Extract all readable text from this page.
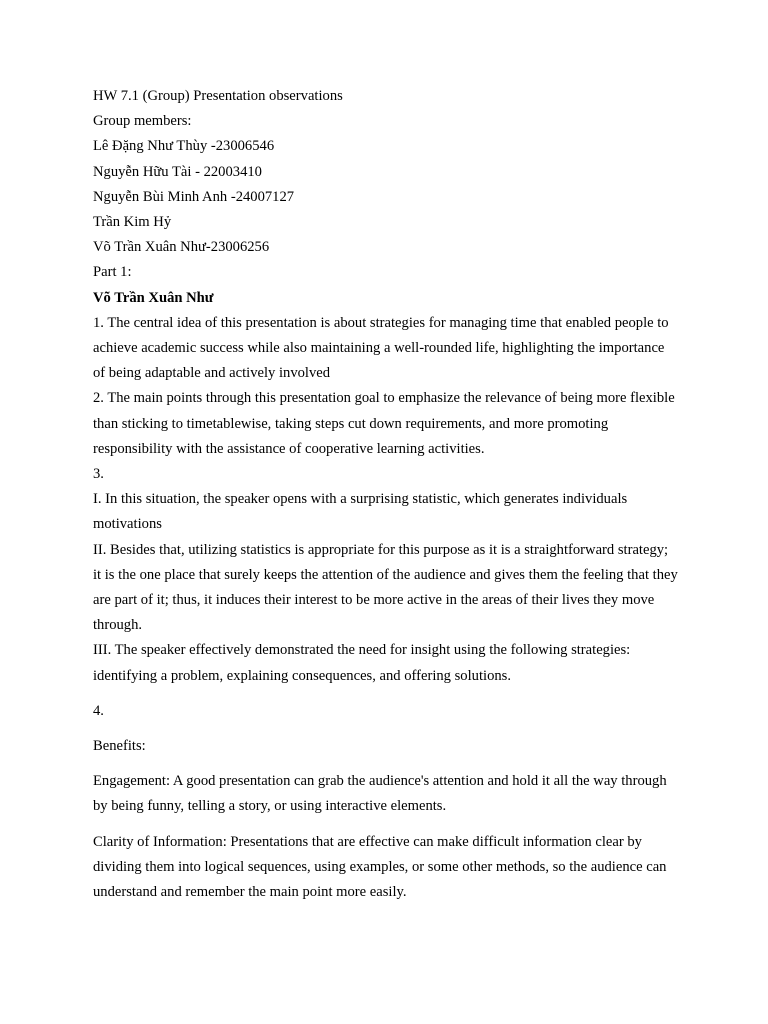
HW 7.1 (Group) Presentation observations

Group members:

Lê Đặng Như Thùy -23006546

Nguyễn Hữu Tài - 22003410

Nguyễn Bùi Minh Anh -24007127

Trần Kim Hỷ

Võ Trần Xuân Như-23006256

Part 1:

Võ Trần Xuân Như

1. The central idea of this presentation is about strategies for managing time that enabled people to achieve academic success while also maintaining a well-rounded life, highlighting the importance of being adaptable and actively involved

2. The main points through this presentation goal to emphasize the relevance of being more flexible than sticking to timetablewise, taking steps cut down requirements, and more promoting responsibility with the assistance of cooperative learning activities.

3.

I. In this situation, the speaker opens with a surprising statistic, which generates individuals motivations

II. Besides that, utilizing statistics is appropriate for this purpose as it is a straightforward strategy; it is the one place that surely keeps the attention of the audience and gives them the feeling that they are part of it; thus, it induces their interest to be more active in the areas of their lives they move through.

III. The speaker effectively demonstrated the need for insight using the following strategies: identifying a problem, explaining consequences, and offering solutions.

4.

Benefits:

Engagement: A good presentation can grab the audience's attention and hold it all the way through by being funny, telling a story, or using interactive elements.

Clarity of Information: Presentations that are effective can make difficult information clear by dividing them into logical sequences, using examples, or some other methods, so the audience can understand and remember the main point more easily.
